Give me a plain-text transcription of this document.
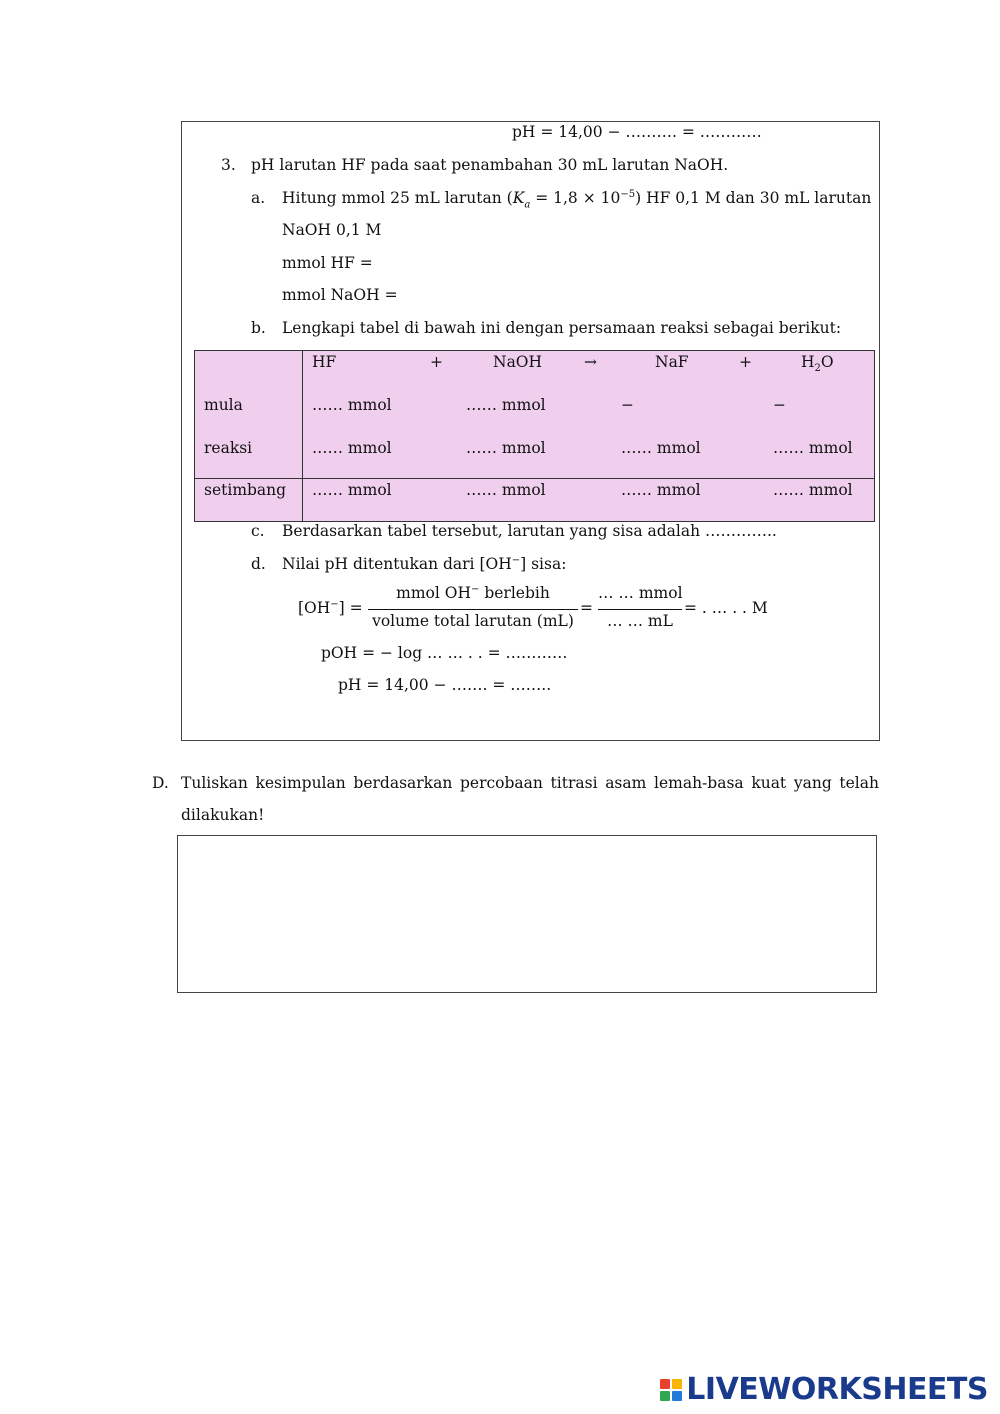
pH = 14,00 − ………. = …………
3. pH larutan HF pada saat penambahan 30 mL larutan NaOH.
a. Hitung mmol 25 mL larutan $(K_a = 1,8 \times 10^{-5})$ HF 0,1 M dan 30 mL larutan
NaOH 0,1 M
mmol HF =
mmol NaOH =
b. Lengkapi tabel di bawah ini dengan persamaan reaksi sebagai berikut:
HF	+	NaOH	→	NaF	+	$H_2O$
mula	…… mmol	…… mmol	−	−
reaksi	…… mmol	…… mmol	…… mmol	…… mmol
setimbang …… mmol	…… mmol	…… mmol	…… mmol
c. Berdasarkan tabel tersebut, larutan yang sisa adalah …………..
d. Nilai pH ditentukan dari [OH−] sisa:
[OH−] =
mmol OH− berlebih
volume total larutan (mL)
=
… … mmol
… … mL
= . … . . M
pOH = − log … … . . = …………
pH = 14,00 − ……. = ……..
D. Tuliskan kesimpulan berdasarkan percobaan titrasi asam lemah-basa kuat yang telah
dilakukan!
LIVEWORKSHEETS
